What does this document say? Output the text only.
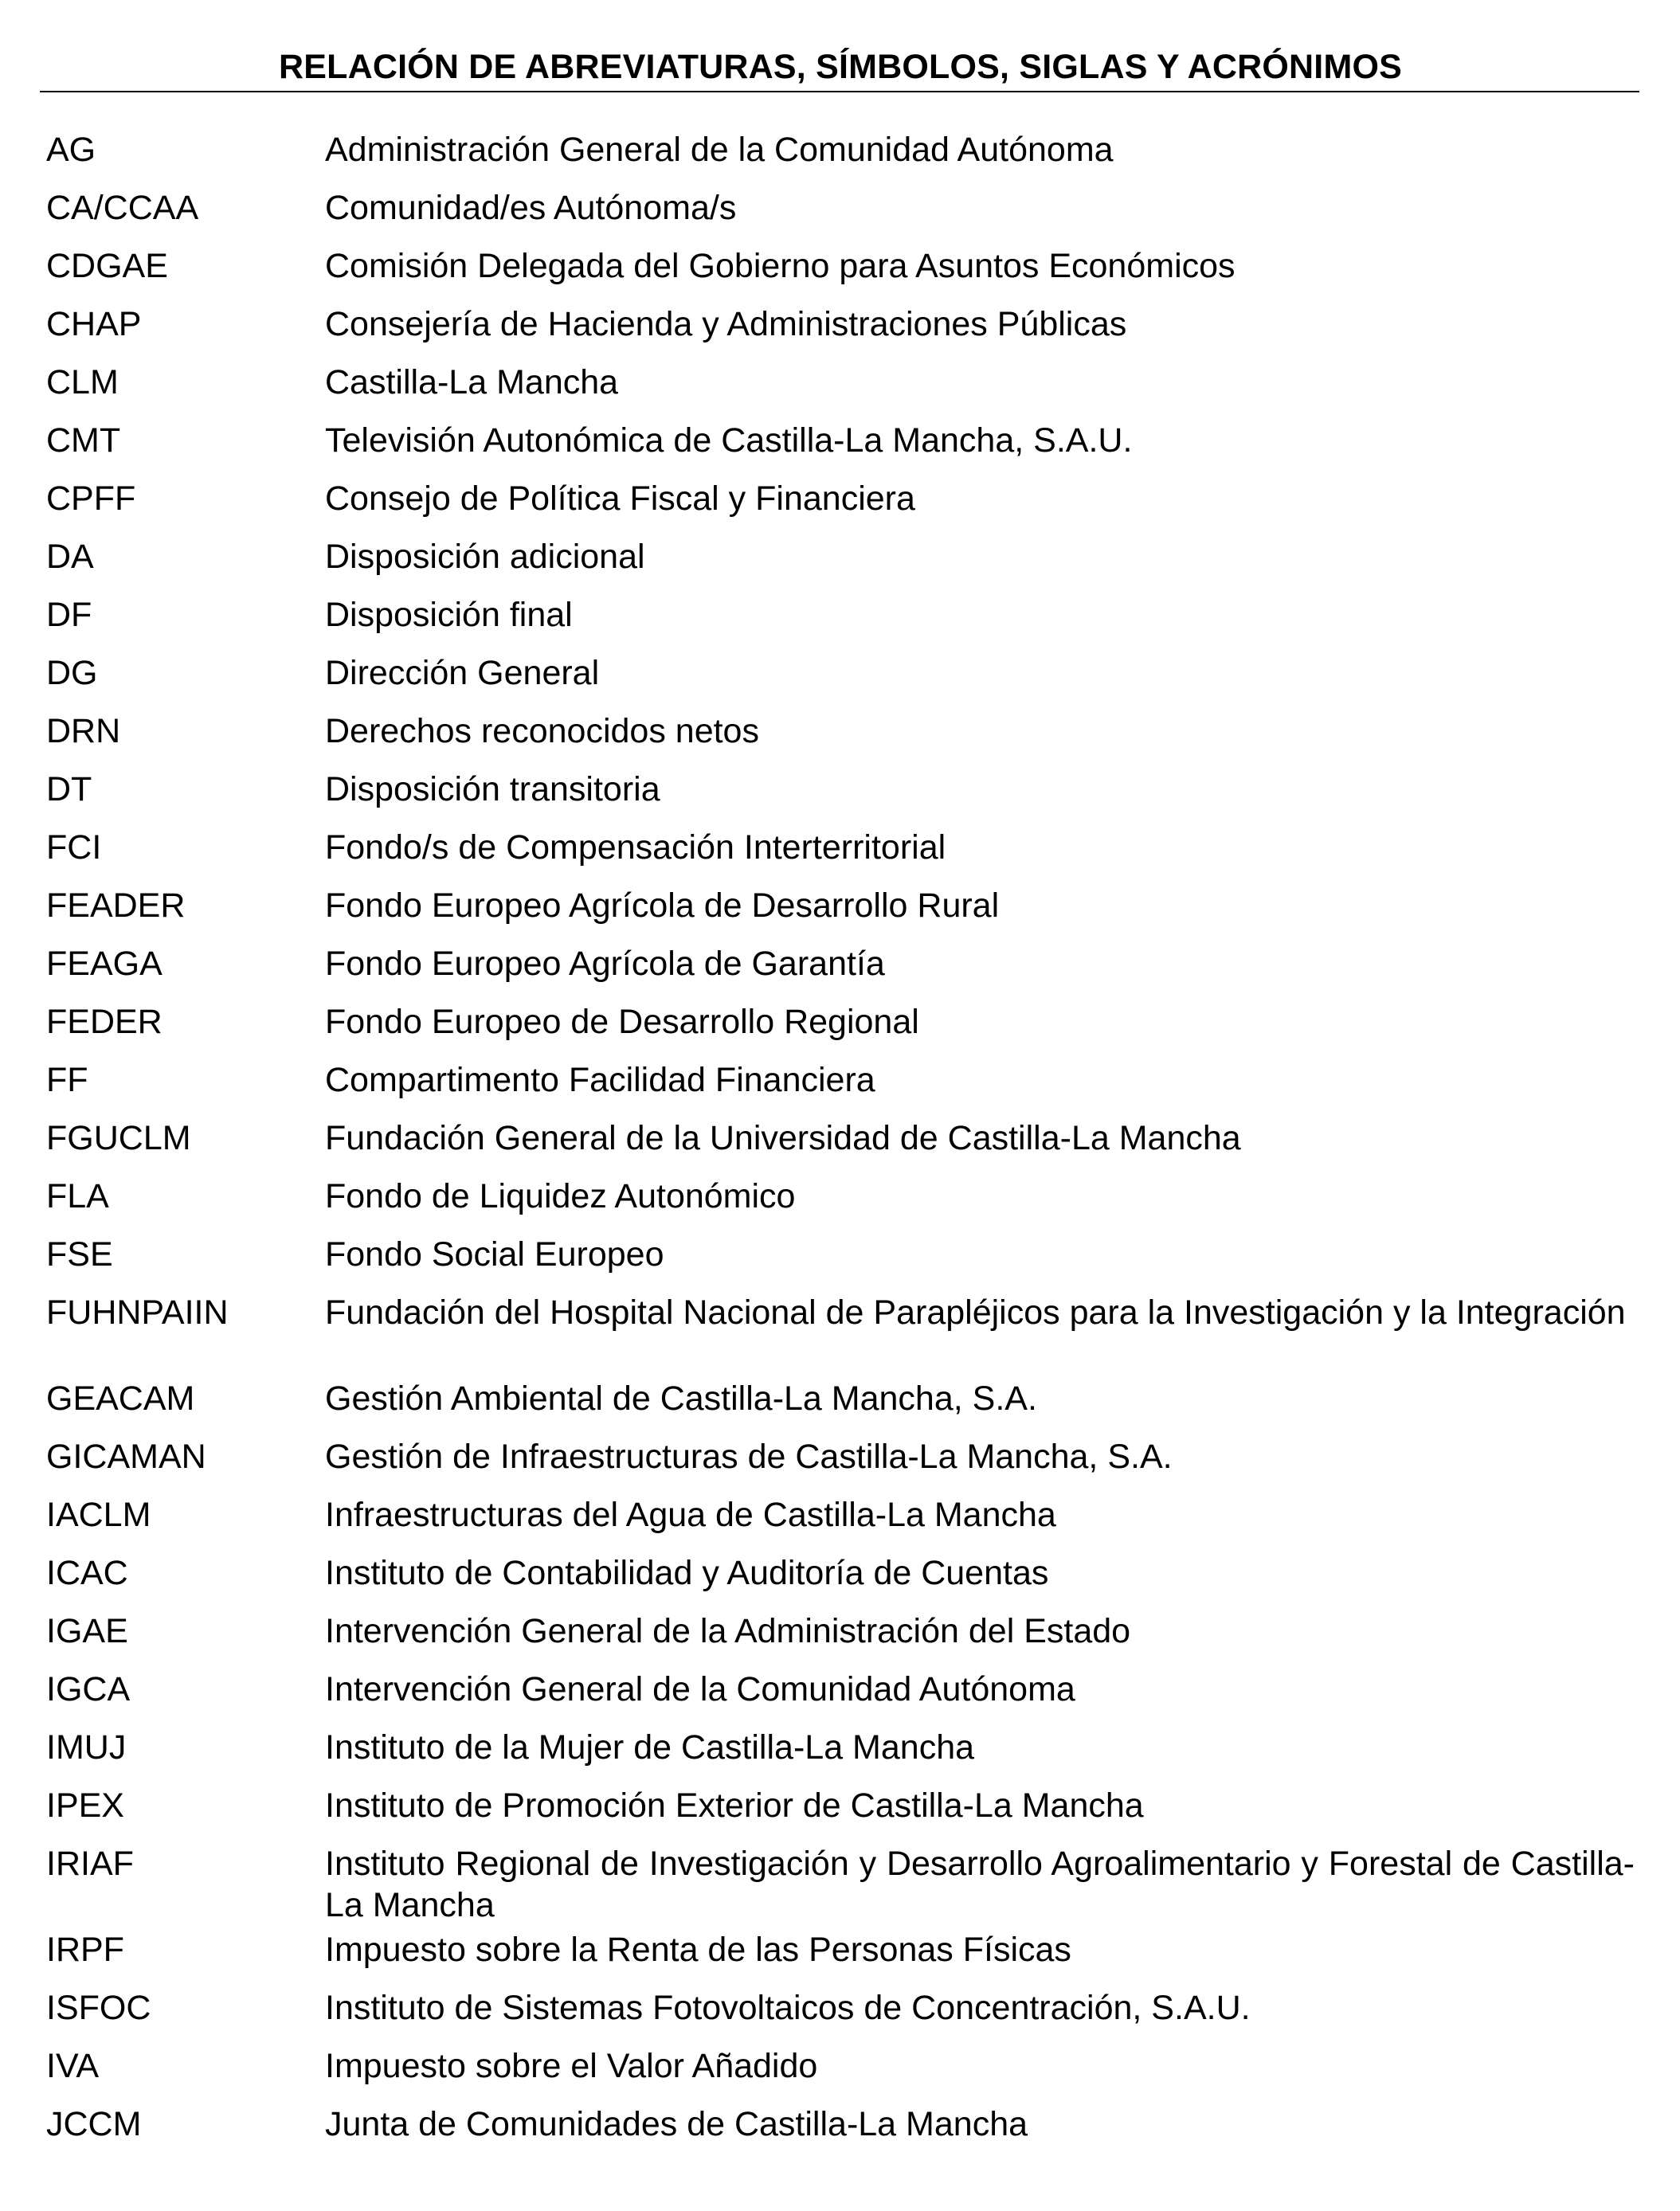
RELACIÓN DE ABREVIATURAS, SÍMBOLOS, SIGLAS Y ACRÓNIMOS
AG	Administración General de la Comunidad Autónoma
CA/CCAA	Comunidad/es Autónoma/s
CDGAE	Comisión Delegada del Gobierno para Asuntos Económicos
CHAP	Consejería de Hacienda y Administraciones Públicas
CLM	Castilla-La Mancha
CMT	Televisión Autonómica de Castilla-La Mancha, S.A.U.
CPFF	Consejo de Política Fiscal y Financiera
DA	Disposición adicional
DF	Disposición final
DG	Dirección General
DRN	Derechos reconocidos netos
DT	Disposición transitoria
FCI	Fondo/s de Compensación Interterritorial
FEADER	Fondo Europeo Agrícola de Desarrollo Rural
FEAGA	Fondo Europeo Agrícola de Garantía
FEDER	Fondo Europeo de Desarrollo Regional
FF	Compartimento Facilidad Financiera
FGUCLM	Fundación General de la Universidad de Castilla-La Mancha
FLA	Fondo de Liquidez Autonómico
FSE	Fondo Social Europeo
FUHNPAIIN	Fundación del Hospital Nacional de Parapléjicos para la Investigación y la Integración
GEACAM	Gestión Ambiental de Castilla-La Mancha, S.A.
GICAMAN	Gestión de Infraestructuras de Castilla-La Mancha, S.A.
IACLM	Infraestructuras del Agua de Castilla-La Mancha
ICAC	Instituto de Contabilidad y Auditoría de Cuentas
IGAE	Intervención General de la Administración del Estado
IGCA	Intervención General de la Comunidad Autónoma
IMUJ	Instituto de la Mujer de Castilla-La Mancha
IPEX	Instituto de Promoción Exterior de Castilla-La Mancha
IRIAF	Instituto Regional de Investigación y Desarrollo Agroalimentario y Forestal de Castilla-La Mancha
IRPF	Impuesto sobre la Renta de las Personas Físicas
ISFOC	Instituto de Sistemas Fotovoltaicos de Concentración, S.A.U.
IVA	Impuesto sobre el Valor Añadido
JCCM	Junta de Comunidades de Castilla-La Mancha
